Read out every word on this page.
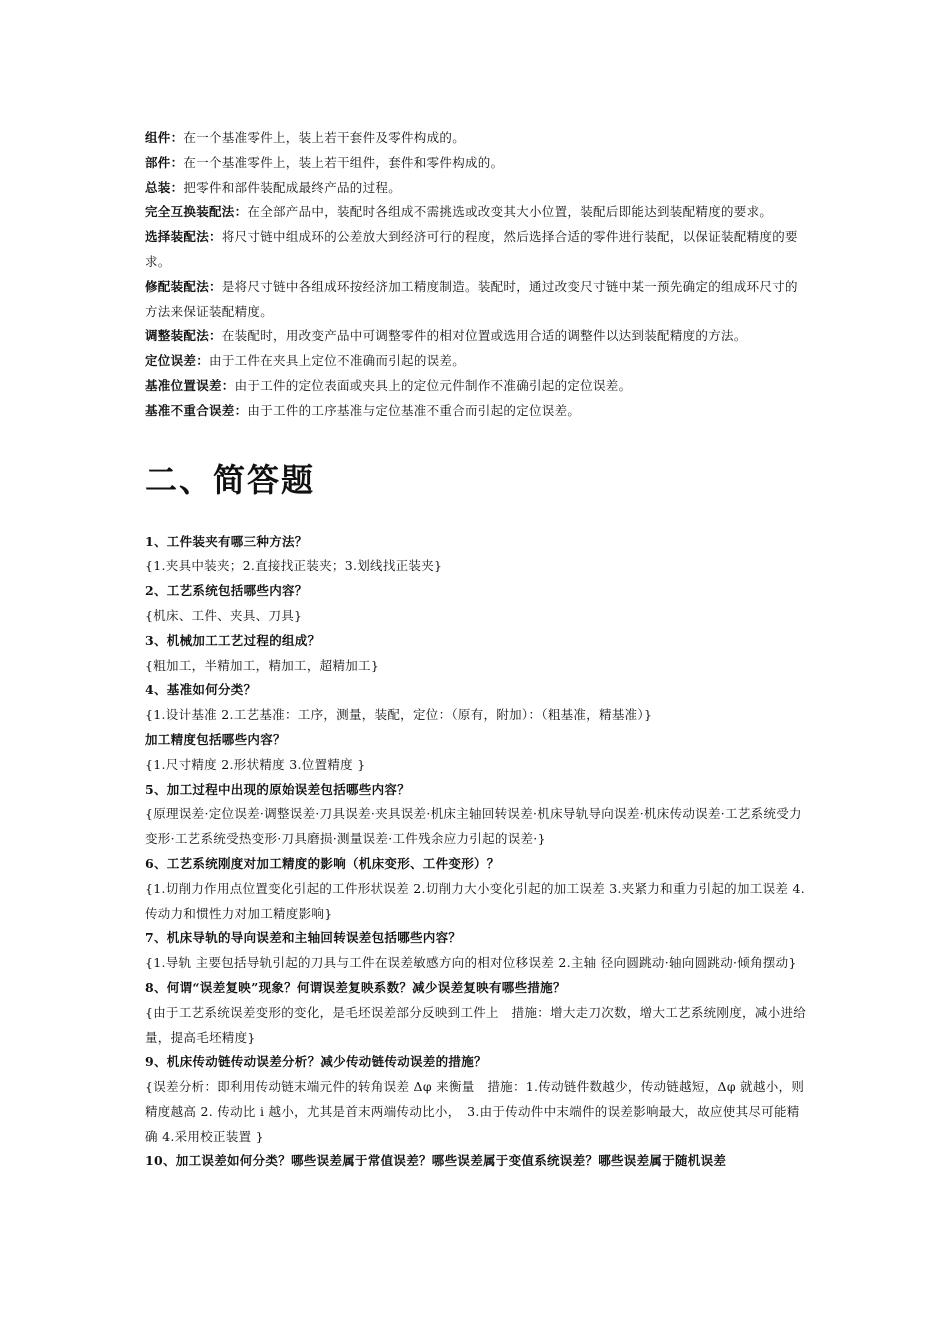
组件：在一个基准零件上，装上若干套件及零件构成的。

部件：在一个基准零件上，装上若干组件，套件和零件构成的。

总装：把零件和部件装配成最终产品的过程。

完全互换装配法：在全部产品中，装配时各组成不需挑选或改变其大小位置，装配后即能达到装配精度的要求。

选择装配法：将尺寸链中组成环的公差放大到经济可行的程度，然后选择合适的零件进行装配，以保证装配精度的要求。

修配装配法：是将尺寸链中各组成环按经济加工精度制造。装配时，通过改变尺寸链中某一预先确定的组成环尺寸的方法来保证装配精度。

调整装配法：在装配时，用改变产品中可调整零件的相对位置或选用合适的调整件以达到装配精度的方法。

定位误差：由于工件在夹具上定位不准确而引起的误差。

基准位置误差：由于工件的定位表面或夹具上的定位元件制作不准确引起的定位误差。

基准不重合误差：由于工件的工序基准与定位基准不重合而引起的定位误差。

二、简答题

1、工件装夹有哪三种方法？

{1.夹具中装夹；2.直接找正装夹；3.划线找正装夹}

2、工艺系统包括哪些内容？

{机床、工件、夹具、刀具}

3、机械加工工艺过程的组成？

{粗加工，半精加工，精加工，超精加工}

4、基准如何分类？

{1.设计基准 2.工艺基准：工序，测量，装配，定位：（原有，附加）：（粗基准，精基准）}

加工精度包括哪些内容？

{1.尺寸精度 2.形状精度 3.位置精度 }

5、加工过程中出现的原始误差包括哪些内容？

{原理误差·定位误差·调整误差·刀具误差·夹具误差·机床主轴回转误差·机床导轨导向误差·机床传动误差·工艺系统受力变形·工艺系统受热变形·刀具磨损·测量误差·工件残余应力引起的误差·}

6、工艺系统刚度对加工精度的影响（机床变形、工件变形）？

{1.切削力作用点位置变化引起的工件形状误差 2.切削力大小变化引起的加工误差 3.夹紧力和重力引起的加工误差 4.传动力和惯性力对加工精度影响}

7、机床导轨的导向误差和主轴回转误差包括哪些内容？

{1.导轨 主要包括导轨引起的刀具与工件在误差敏感方向的相对位移误差 2.主轴 径向圆跳动·轴向圆跳动·倾角摆动}

8、何谓“误差复映”现象？何谓误差复映系数？减少误差复映有哪些措施？

{由于工艺系统误差变形的变化，是毛坯误差部分反映到工件上　措施：增大走刀次数，增大工艺系统刚度，减小进给量，提高毛坯精度}

9、机床传动链传动误差分析？减少传动链传动误差的措施？

{误差分析：即利用传动链末端元件的转角误差 Δφ 来衡量　措施：1.传动链件数越少，传动链越短，Δφ 就越小，则精度越高 2. 传动比 i 越小，尤其是首末两端传动比小，　3.由于传动件中末端件的误差影响最大，故应使其尽可能精确 4.采用校正装置 }

10、加工误差如何分类？哪些误差属于常值误差？哪些误差属于变值系统误差？哪些误差属于随机误差
